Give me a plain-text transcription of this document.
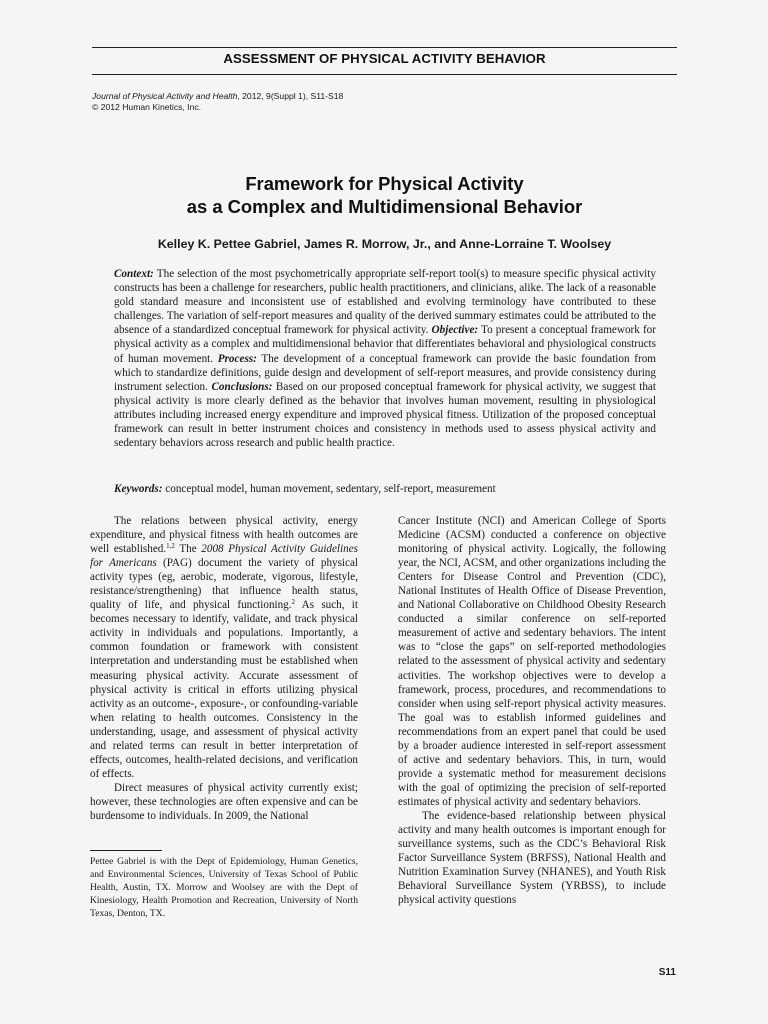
ASSESSMENT OF PHYSICAL ACTIVITY BEHAVIOR
Journal of Physical Activity and Health, 2012, 9(Suppl 1), S11-S18
© 2012 Human Kinetics, Inc.
Framework for Physical Activity
as a Complex and Multidimensional Behavior
Kelley K. Pettee Gabriel, James R. Morrow, Jr., and Anne-Lorraine T. Woolsey

Context: The selection of the most psychometrically appropriate self-report tool(s) to measure specific physical activity constructs has been a challenge for researchers, public health practitioners, and clinicians, alike. The lack of a reasonable gold standard measure and inconsistent use of established and evolving terminology have contributed to these challenges. The variation of self-report measures and quality of the derived summary estimates could be attributed to the absence of a standardized conceptual framework for physical activity. Objective: To present a conceptual framework for physical activity as a complex and multidimensional behavior that differentiates behavioral and physiological constructs of human movement. Process: The development of a conceptual framework can provide the basic foundation from which to standardize definitions, guide design and development of self-report measures, and provide consistency during instrument selection. Conclusions: Based on our proposed conceptual framework for physical activity, we suggest that physical activity is more clearly defined as the behavior that involves human movement, resulting in physiological attributes including increased energy expenditure and improved physical fitness. Utilization of the proposed conceptual framework can result in better instrument choices and consistency in methods used to assess physical activity and sedentary behaviors across research and public health practice.

Keywords: conceptual model, human movement, sedentary, self-report, measurement

The relations between physical activity, energy expenditure, and physical fitness with health outcomes are well established.$^{1,2}$ The 2008 Physical Activity Guidelines for Americans (PAG) document the variety of physical activity types (eg, aerobic, moderate, vigorous, lifestyle, resistance/strengthening) that influence health status, quality of life, and physical functioning.$^2$ As such, it becomes necessary to identify, validate, and track physical activity in individuals and populations. Importantly, a common foundation or framework with consistent interpretation and understanding must be established when measuring physical activity. Accurate assessment of physical activity is critical in efforts utilizing physical activity as an outcome-, exposure-, or confounding-variable when relating to health outcomes. Consistency in the understanding, usage, and assessment of physical activity and related terms can result in better interpretation of effects, outcomes, health-related decisions, and verification of effects.

Direct measures of physical activity currently exist; however, these technologies are often expensive and can be burdensome to individuals. In 2009, the National

Pettee Gabriel is with the Dept of Epidemiology, Human Genetics, and Environmental Sciences, University of Texas School of Public Health, Austin, TX. Morrow and Woolsey are with the Dept of Kinesiology, Health Promotion and Recreation, University of North Texas, Denton, TX.

Cancer Institute (NCI) and American College of Sports Medicine (ACSM) conducted a conference on objective monitoring of physical activity. Logically, the following year, the NCI, ACSM, and other organizations including the Centers for Disease Control and Prevention (CDC), National Institutes of Health Office of Disease Prevention, and National Collaborative on Childhood Obesity Research conducted a similar conference on self-reported measurement of active and sedentary behaviors. The intent was to “close the gaps” on self-reported methodologies related to the assessment of physical activity and sedentary activities. The workshop objectives were to develop a framework, process, procedures, and recommendations to consider when using self-report physical activity measures. The goal was to establish informed guidelines and recommendations from an expert panel that could be used by a broader audience interested in self-report assessment of active and sedentary behaviors. This, in turn, would provide a systematic method for measurement decisions with the goal of optimizing the precision of self-reported estimates of physical activity and sedentary behaviors.

The evidence-based relationship between physical activity and many health outcomes is important enough for surveillance systems, such as the CDC’s Behavioral Risk Factor Surveillance System (BRFSS), National Health and Nutrition Examination Survey (NHANES), and Youth Risk Behavioral Surveillance System (YRBSS), to include physical activity questions

S11
